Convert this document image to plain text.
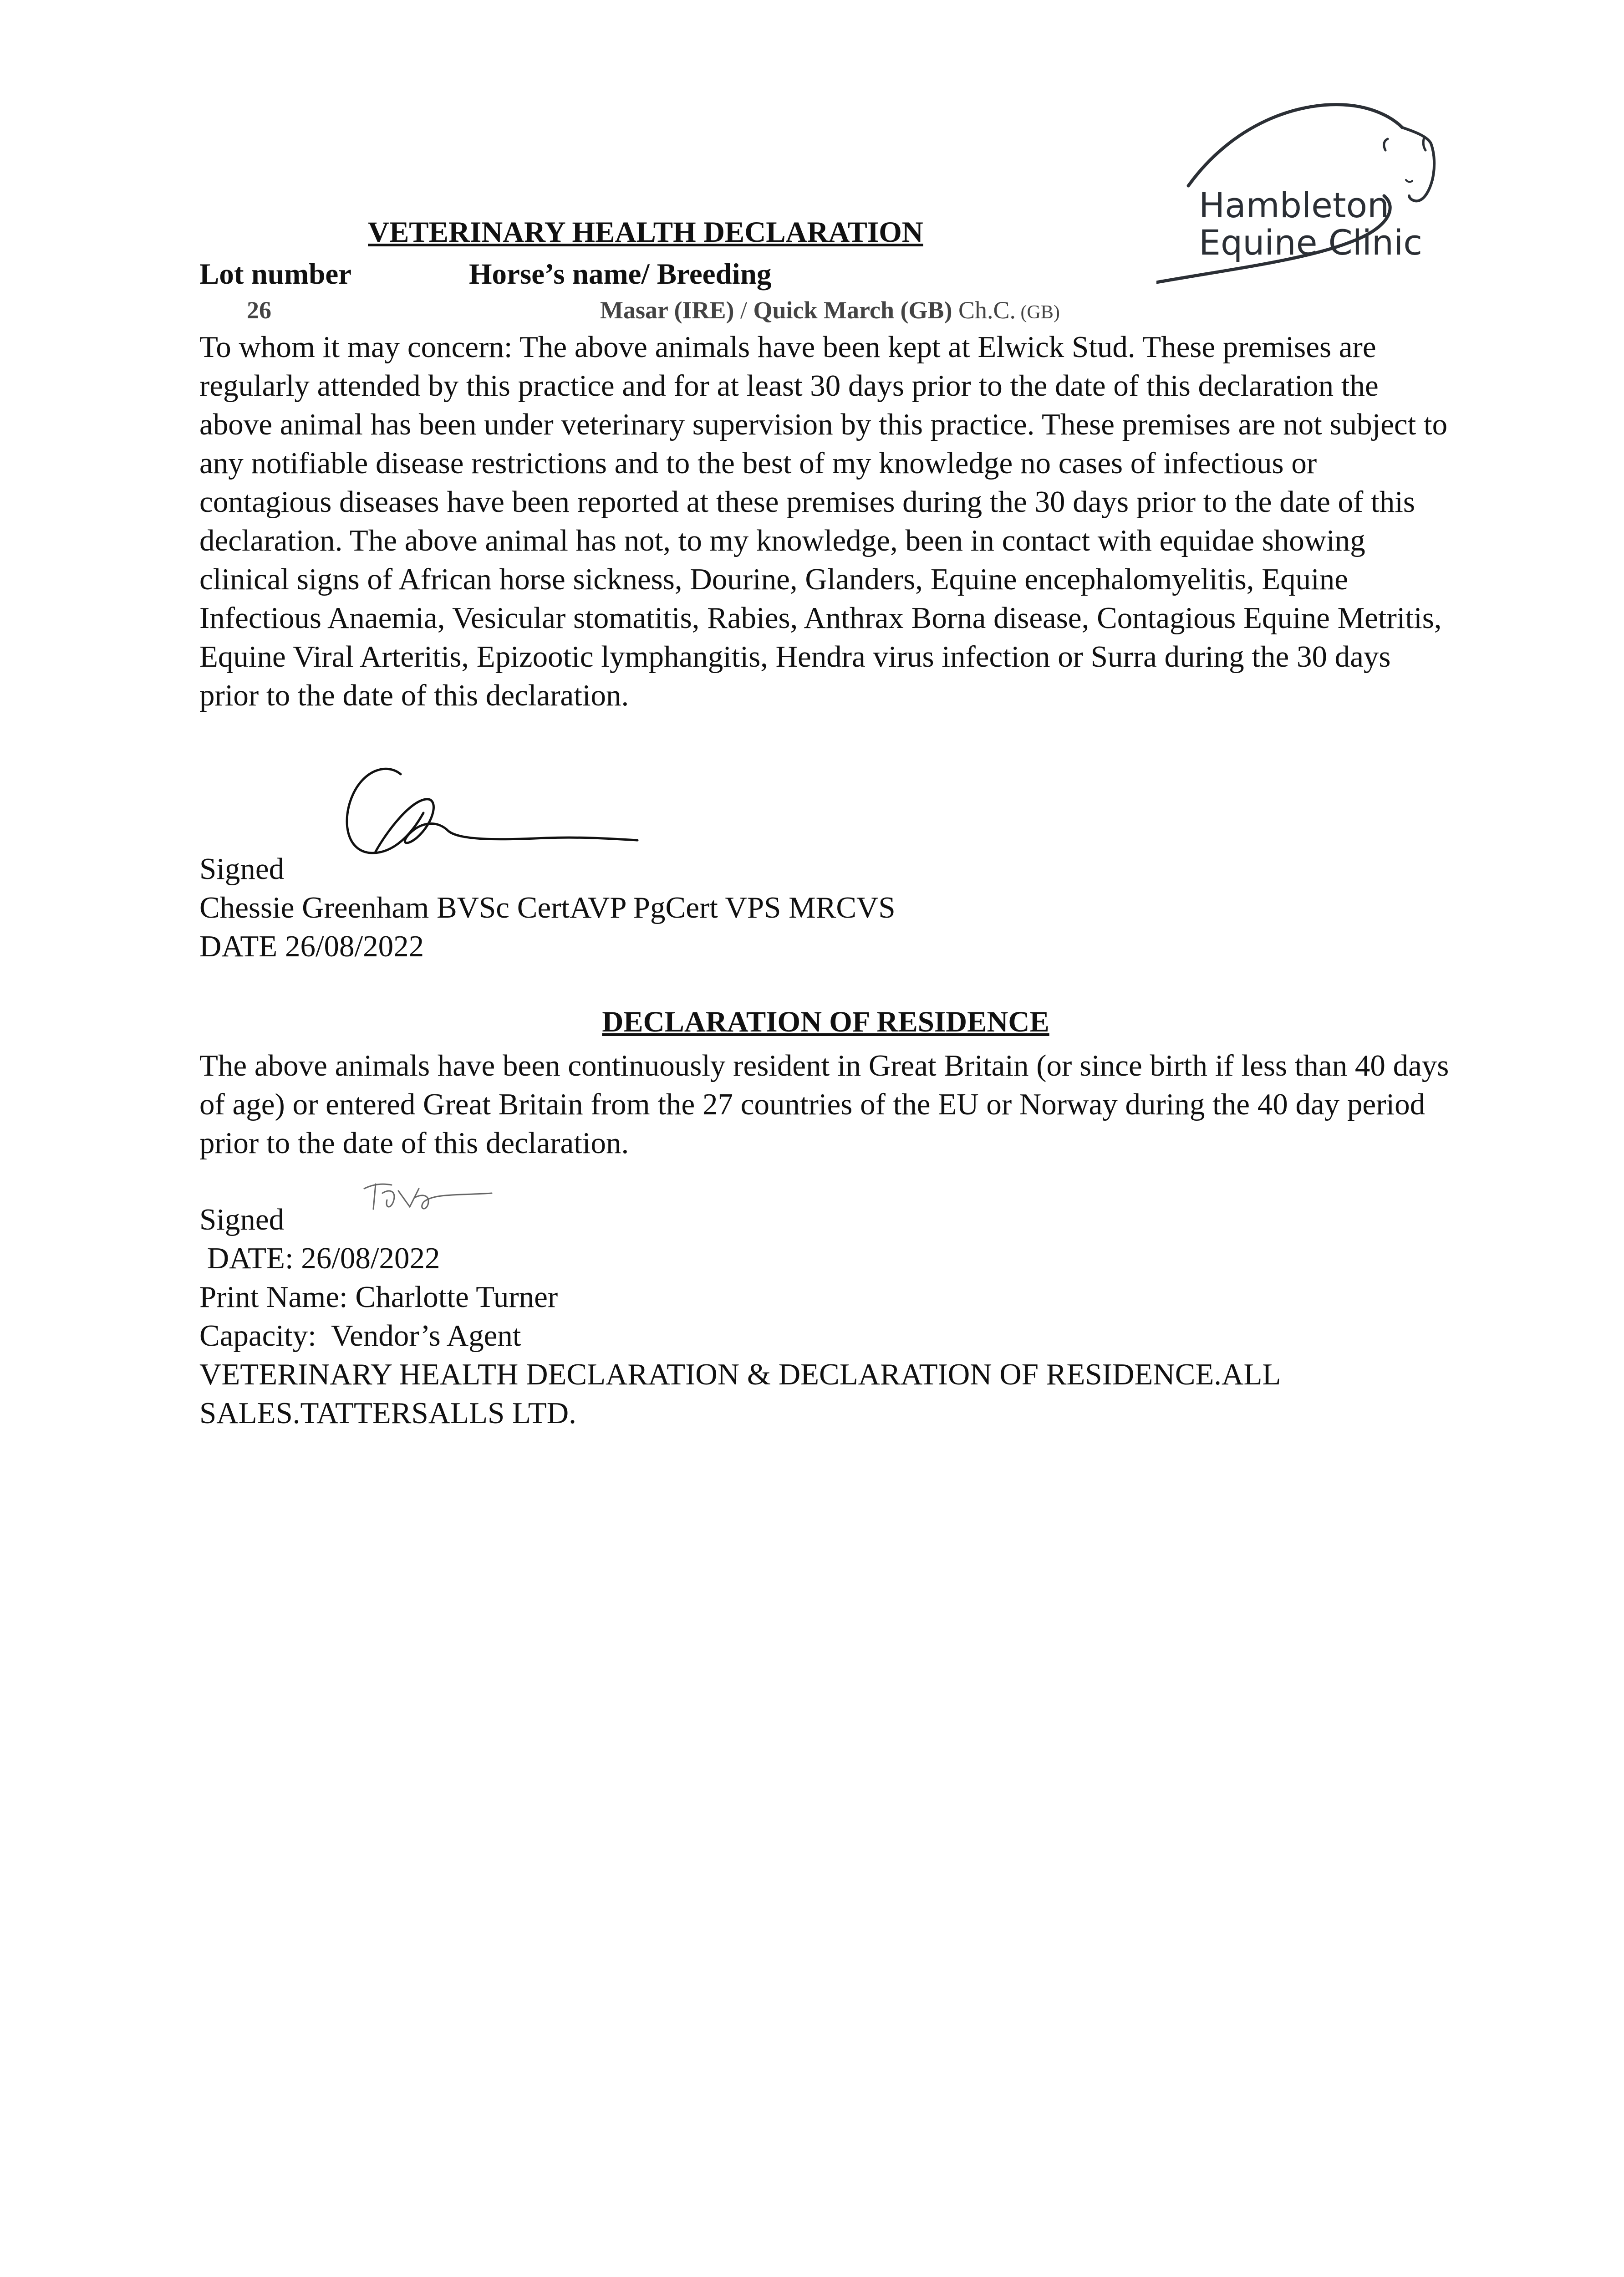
Hambleton
Equine Clinic
VETERINARY HEALTH DECLARATION
Lot number	Horse’s name/ Breeding
26	Masar (IRE) / Quick March (GB) Ch.C. (GB)
To whom it may concern: The above animals have been kept at Elwick Stud. These premises are regularly attended by this practice and for at least 30 days prior to the date of this declaration the above animal has been under veterinary supervision by this practice. These premises are not subject to any notifiable disease restrictions and to the best of my knowledge no cases of infectious or contagious diseases have been reported at these premises during the 30 days prior to the date of this declaration. The above animal has not, to my knowledge, been in contact with equidae showing clinical signs of African horse sickness, Dourine, Glanders, Equine encephalomyelitis, Equine Infectious Anaemia, Vesicular stomatitis, Rabies, Anthrax Borna disease, Contagious Equine Metritis, Equine Viral Arteritis, Epizootic lymphangitis, Hendra virus infection or Surra during the 30 days prior to the date of this declaration.
Signed
Chessie Greenham BVSc CertAVP PgCert VPS MRCVS
DATE 26/08/2022
DECLARATION OF RESIDENCE
The above animals have been continuously resident in Great Britain (or since birth if less than 40 days of age) or entered Great Britain from the 27 countries of the EU or Norway during the 40 day period prior to the date of this declaration.
Signed
DATE: 26/08/2022
Print Name: Charlotte Turner
Capacity:  Vendor’s Agent
VETERINARY HEALTH DECLARATION & DECLARATION OF RESIDENCE.ALL
SALES.TATTERSALLS LTD.
